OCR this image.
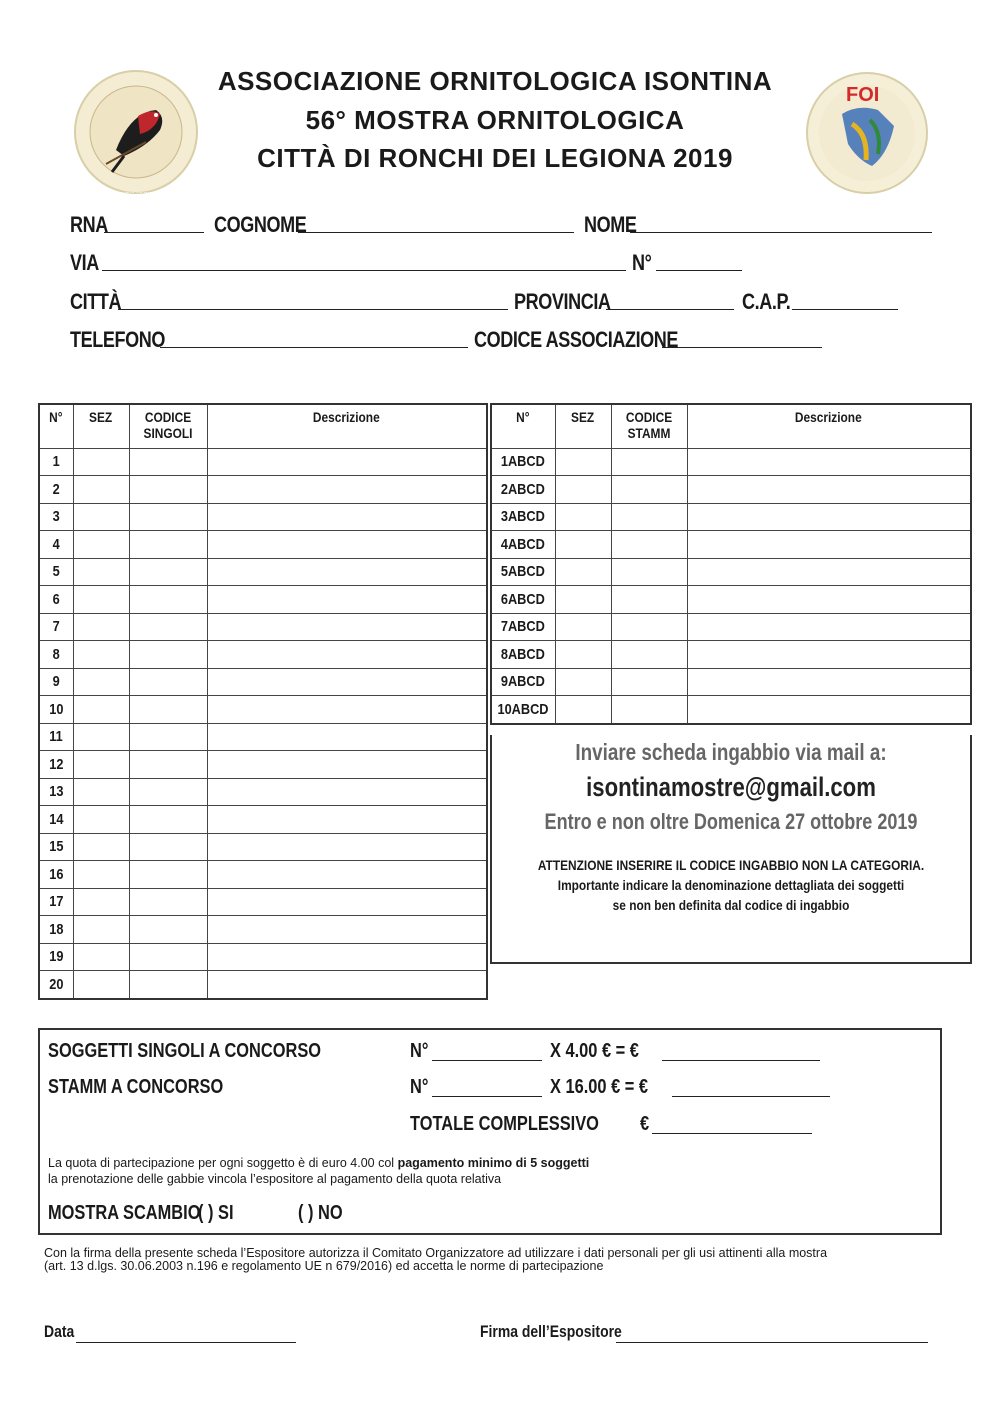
FOI
ASSOCIAZIONE ORNITOLOGICA ISONTINA
56° MOSTRA ORNITOLOGICA
CITTÀ DI RONCHI DEI LEGIONA 2019
RNA	COGNOME	NOME
VIA	N°
CITTÀ	PROVINCIA	C.A.P.
TELEFONO	CODICE ASSOCIAZIONE
N°	SEZ	CODICE SINGOLI	Descrizione
1			
2			
3			
4			
5			
6			
7			
8			
9			
10			
11			
12			
13			
14			
15			
16			
17			
18			
19			
20			
N°	SEZ	CODICE STAMM	Descrizione
1ABCD			
2ABCD			
3ABCD			
4ABCD			
5ABCD			
6ABCD			
7ABCD			
8ABCD			
9ABCD			
10ABCD			
Inviare scheda ingabbio via mail a:
isontinamostre@gmail.com
Entro e non oltre Domenica 27 ottobre 2019
ATTENZIONE INSERIRE IL CODICE INGABBIO NON LA CATEGORIA.
Importante indicare la denominazione dettagliata dei soggetti
se non ben definita dal codice di ingabbio
SOGGETTI SINGOLI A CONCORSO	N°	X 4.00 € = €
STAMM A CONCORSO	N°	X 16.00 € = €
TOTALE COMPLESSIVO €
La quota di partecipazione per ogni soggetto è di euro 4.00 col pagamento minimo di 5 soggetti
la prenotazione delle gabbie vincola l’espositore al pagamento della quota relativa
MOSTRA SCAMBIO
( ) SI	( ) NO
Con la firma della presente scheda l’Espositore autorizza il Comitato Organizzatore ad utilizzare i dati personali per gli usi attinenti alla mostra
(art. 13 d.lgs. 30.06.2003 n.196 e regolamento UE n 679/2016) ed accetta le norme di partecipazione
Data	Firma dell’Espositore
